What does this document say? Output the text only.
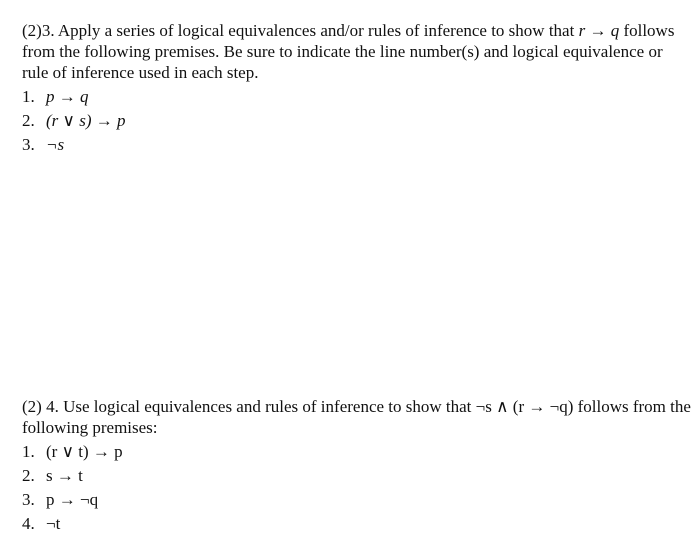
(2)3. Apply a series of logical equivalences and/or rules of inference to show that r → q follows from the following premises. Be sure to indicate the line number(s) and logical equivalence or rule of inference used in each step.

1. p → q
2. (r ∨ s) → p
3. ¬s

(2) 4. Use logical equivalences and rules of inference to show that ¬s ∧ (r → ¬q) follows from the following premises:

1. (r ∨ t) → p
2. s → t
3. p → ¬q
4. ¬t
